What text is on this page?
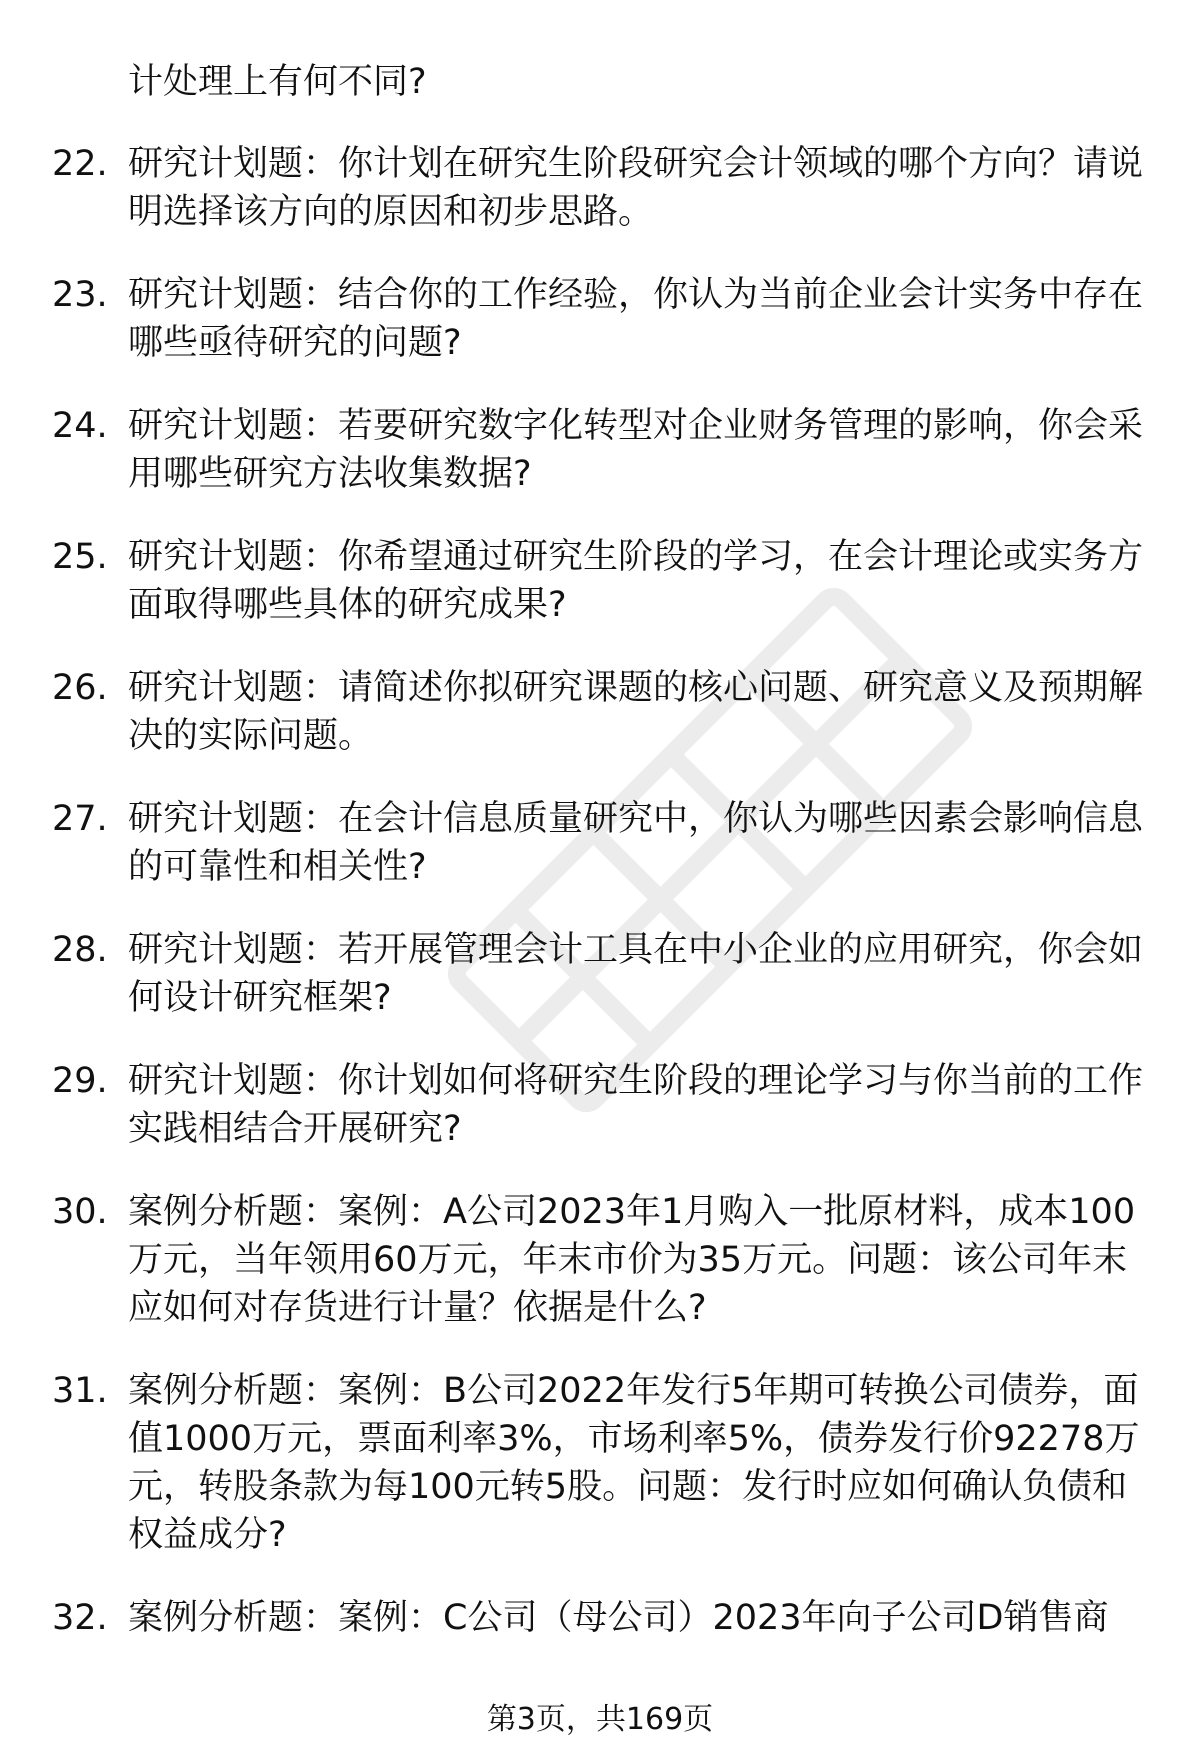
计处理上有何不同?

22. 研究计划题：你计划在研究生阶段研究会计领域的哪个方向？请说明选择该方向的原因和初步思路。
23. 研究计划题：结合你的工作经验，你认为当前企业会计实务中存在哪些亟待研究的问题?
24. 研究计划题：若要研究数字化转型对企业财务管理的影响，你会采用哪些研究方法收集数据?
25. 研究计划题：你希望通过研究生阶段的学习，在会计理论或实务方面取得哪些具体的研究成果?
26. 研究计划题：请简述你拟研究课题的核心问题、研究意义及预期解决的实际问题。
27. 研究计划题：在会计信息质量研究中，你认为哪些因素会影响信息的可靠性和相关性?
28. 研究计划题：若开展管理会计工具在中小企业的应用研究，你会如何设计研究框架?
29. 研究计划题：你计划如何将研究生阶段的理论学习与你当前的工作实践相结合开展研究?
30. 案例分析题：案例：A公司2023年1月购入一批原材料，成本100万元，当年领用60万元，年末市价为35万元。问题：该公司年末应如何对存货进行计量？依据是什么?
31. 案例分析题：案例：B公司2022年发行5年期可转换公司债券，面值1000万元，票面利率3%，市场利率5%，债券发行价92278万元，转股条款为每100元转5股。问题：发行时应如何确认负债和权益成分?
32. 案例分析题：案例：C公司（母公司）2023年向子公司D销售商
第3页，共169页
